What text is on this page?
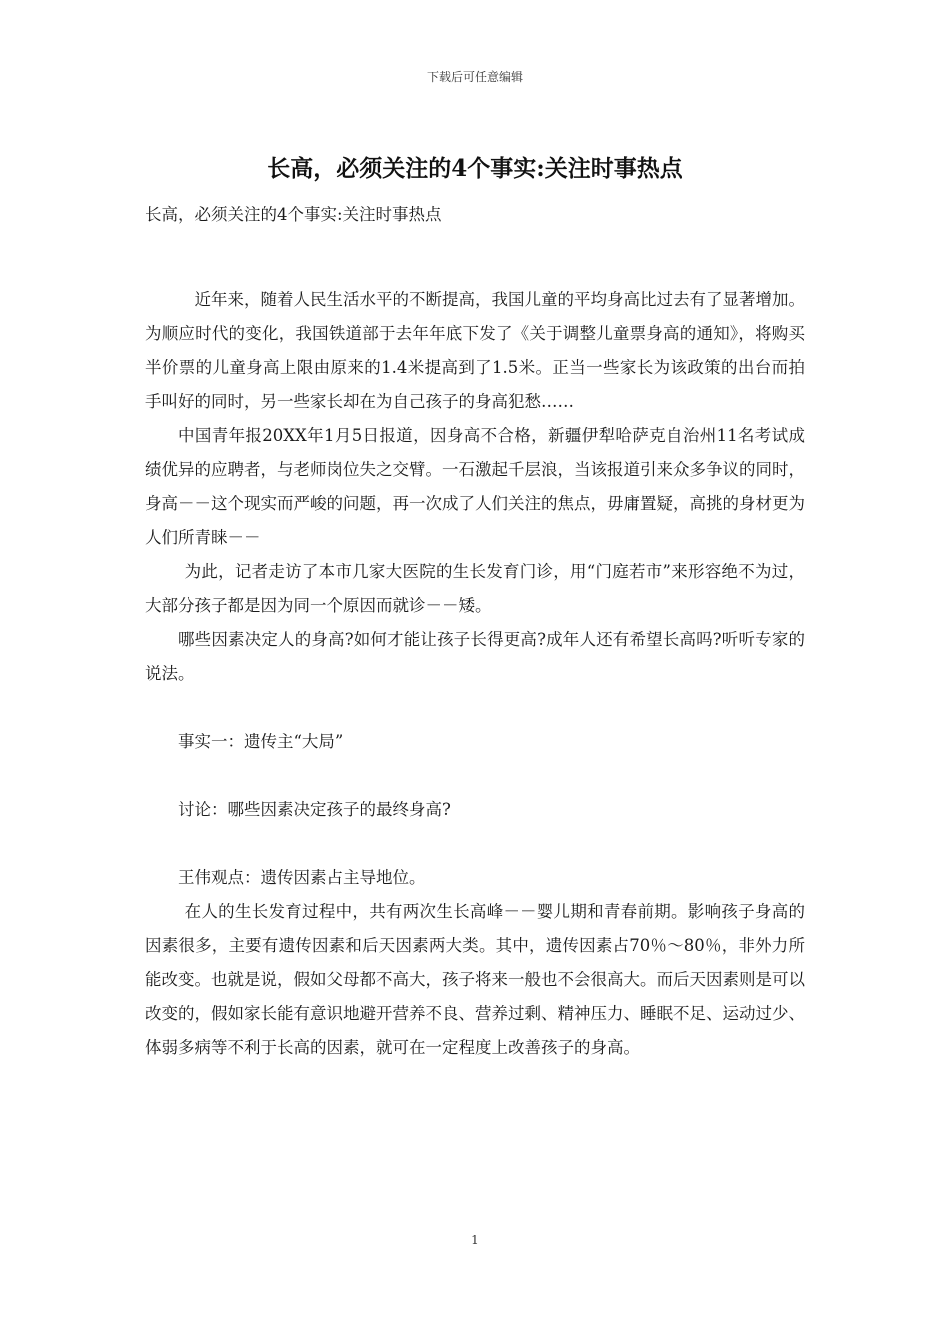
下载后可任意编辑
长高，必须关注的4个事实:关注时事热点

长高，必须关注的4个事实:关注时事热点

近年来，随着人民生活水平的不断提高，我国儿童的平均身高比过去有了显著增加。为顺应时代的变化，我国铁道部于去年年底下发了《关于调整儿童票身高的通知》，将购买半价票的儿童身高上限由原来的1.4米提高到了1.5米。正当一些家长为该政策的出台而拍手叫好的同时，另一些家长却在为自己孩子的身高犯愁……

中国青年报20XX年1月5日报道，因身高不合格，新疆伊犁哈萨克自治州11名考试成绩优异的应聘者，与老师岗位失之交臂。一石激起千层浪，当该报道引来众多争议的同时，身高－－这个现实而严峻的问题，再一次成了人们关注的焦点，毋庸置疑，高挑的身材更为人们所青睐－－

为此，记者走访了本市几家大医院的生长发育门诊，用“门庭若市”来形容绝不为过，大部分孩子都是因为同一个原因而就诊－－矮。

哪些因素决定人的身高?如何才能让孩子长得更高?成年人还有希望长高吗?听听专家的说法。

事实一：遗传主“大局”

讨论：哪些因素决定孩子的最终身高?

王伟观点：遗传因素占主导地位。

在人的生长发育过程中，共有两次生长高峰－－婴儿期和青春前期。影响孩子身高的因素很多，主要有遗传因素和后天因素两大类。其中，遗传因素占70％～80％，非外力所能改变。也就是说，假如父母都不高大，孩子将来一般也不会很高大。而后天因素则是可以改变的，假如家长能有意识地避开营养不良、营养过剩、精神压力、睡眠不足、运动过少、体弱多病等不利于长高的因素，就可在一定程度上改善孩子的身高。

1
